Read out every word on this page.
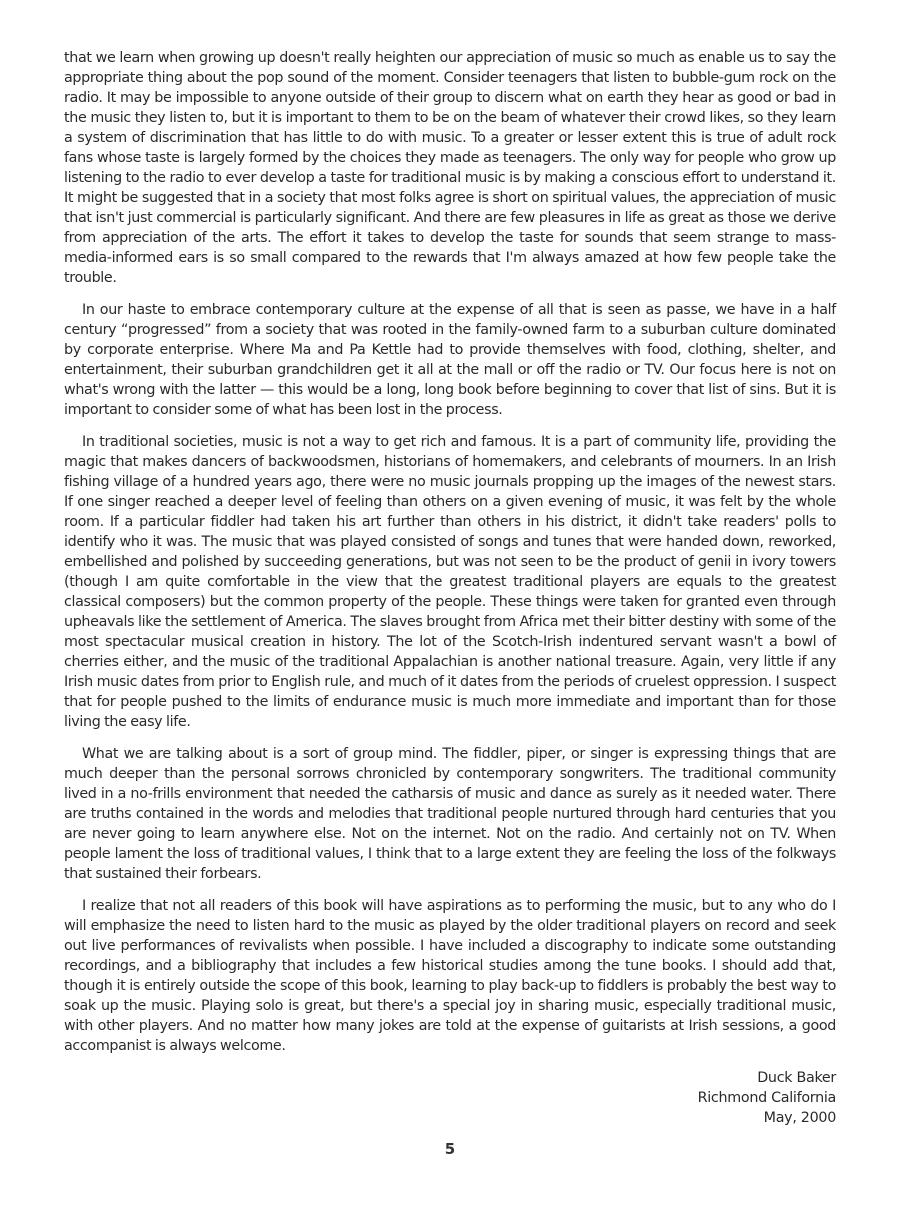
that we learn when growing up doesn't really heighten our appreciation of music so much as enable us to say the appropriate thing about the pop sound of the moment. Consider teenagers that listen to bubble-gum rock on the radio. It may be impossible to anyone outside of their group to discern what on earth they hear as good or bad in the music they listen to, but it is important to them to be on the beam of whatever their crowd likes, so they learn a system of discrimination that has little to do with music. To a greater or lesser extent this is true of adult rock fans whose taste is largely formed by the choices they made as teenagers. The only way for people who grow up listening to the radio to ever develop a taste for traditional music is by making a conscious effort to understand it. It might be suggested that in a society that most folks agree is short on spiritual values, the appreciation of music that isn't just commercial is particularly significant. And there are few pleasures in life as great as those we derive from appreciation of the arts. The effort it takes to develop the taste for sounds that seem strange to mass-media-informed ears is so small compared to the rewards that I'm always amazed at how few people take the trouble.

In our haste to embrace contemporary culture at the expense of all that is seen as passe, we have in a half century “progressed” from a society that was rooted in the family-owned farm to a suburban culture dominated by corporate enterprise. Where Ma and Pa Kettle had to provide themselves with food, clothing, shelter, and entertainment, their suburban grandchildren get it all at the mall or off the radio or TV. Our focus here is not on what's wrong with the latter — this would be a long, long book before beginning to cover that list of sins. But it is important to consider some of what has been lost in the process.

In traditional societies, music is not a way to get rich and famous. It is a part of community life, providing the magic that makes dancers of backwoodsmen, historians of homemakers, and celebrants of mourners. In an Irish fishing village of a hundred years ago, there were no music journals propping up the images of the newest stars. If one singer reached a deeper level of feeling than others on a given evening of music, it was felt by the whole room. If a particular fiddler had taken his art further than others in his district, it didn't take readers' polls to identify who it was. The music that was played consisted of songs and tunes that were handed down, reworked, embellished and polished by succeeding generations, but was not seen to be the product of genii in ivory towers (though I am quite comfortable in the view that the greatest traditional players are equals to the greatest classical composers) but the common property of the people. These things were taken for granted even through upheavals like the settlement of America. The slaves brought from Africa met their bitter destiny with some of the most spectacular musical creation in history. The lot of the Scotch-Irish indentured servant wasn't a bowl of cherries either, and the music of the traditional Appalachian is another national treasure. Again, very little if any Irish music dates from prior to English rule, and much of it dates from the periods of cruelest oppression. I suspect that for people pushed to the limits of endurance music is much more immediate and important than for those living the easy life.

What we are talking about is a sort of group mind. The fiddler, piper, or singer is expressing things that are much deeper than the personal sorrows chronicled by contemporary songwriters. The traditional community lived in a no-frills environment that needed the catharsis of music and dance as surely as it needed water. There are truths contained in the words and melodies that traditional people nurtured through hard centuries that you are never going to learn anywhere else. Not on the internet. Not on the radio. And certainly not on TV. When people lament the loss of traditional values, I think that to a large extent they are feeling the loss of the folkways that sustained their forbears.

I realize that not all readers of this book will have aspirations as to performing the music, but to any who do I will emphasize the need to listen hard to the music as played by the older traditional players on record and seek out live performances of revivalists when possible. I have included a discography to indicate some outstanding recordings, and a bibliography that includes a few historical studies among the tune books. I should add that, though it is entirely outside the scope of this book, learning to play back-up to fiddlers is probably the best way to soak up the music. Playing solo is great, but there's a special joy in sharing music, especially traditional music, with other players. And no matter how many jokes are told at the expense of guitarists at Irish sessions, a good accompanist is always welcome.

Duck Baker
Richmond California
May, 2000
5
